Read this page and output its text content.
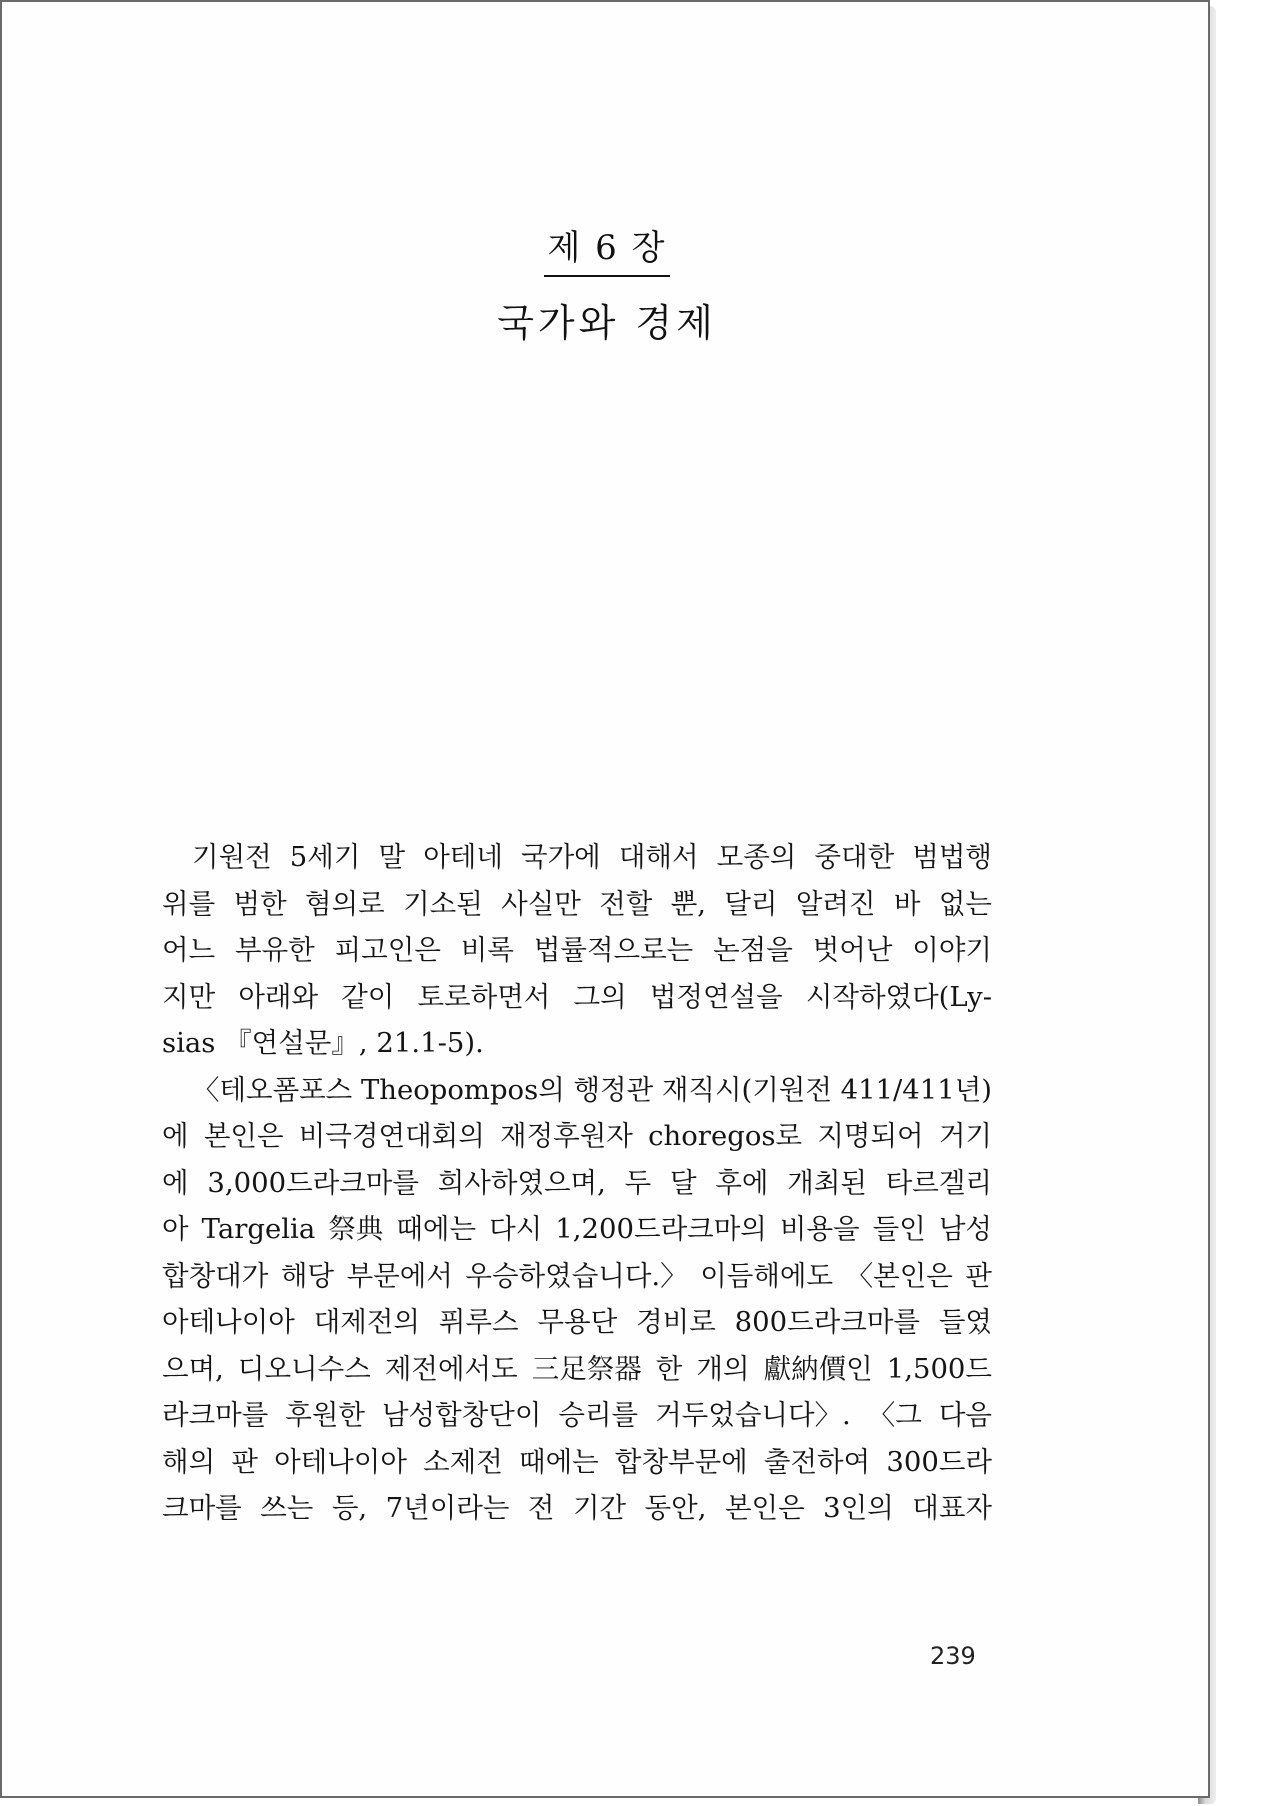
제 6 장
국가와 경제
기원전 5세기 말 아테네 국가에 대해서 모종의 중대한 범법행
위를 범한 혐의로 기소된 사실만 전할 뿐, 달리 알려진 바 없는
어느 부유한 피고인은 비록 법률적으로는 논점을 벗어난 이야기
지만 아래와 같이 토로하면서 그의 법정연설을 시작하였다(Ly-
sias 『연설문』, 21.1-5).
〈테오폼포스 Theopompos의 행정관 재직시(기원전 411/411년)
에 본인은 비극경연대회의 재정후원자 choregos로 지명되어 거기
에 3,000드라크마를 희사하였으며, 두 달 후에 개최된 타르겔리
아 Targelia 祭典 때에는 다시 1,200드라크마의 비용을 들인 남성
합창대가 해당 부문에서 우승하였습니다.〉 이듬해에도 〈본인은 판
아테나이아 대제전의 퓌루스 무용단 경비로 800드라크마를 들였
으며, 디오니수스 제전에서도 三足祭器 한 개의 獻納價인 1,500드
라크마를 후원한 남성합창단이 승리를 거두었습니다〉. 〈그 다음
해의 판 아테나이아 소제전 때에는 합창부문에 출전하여 300드라
크마를 쓰는 등, 7년이라는 전 기간 동안, 본인은 3인의 대표자
239
